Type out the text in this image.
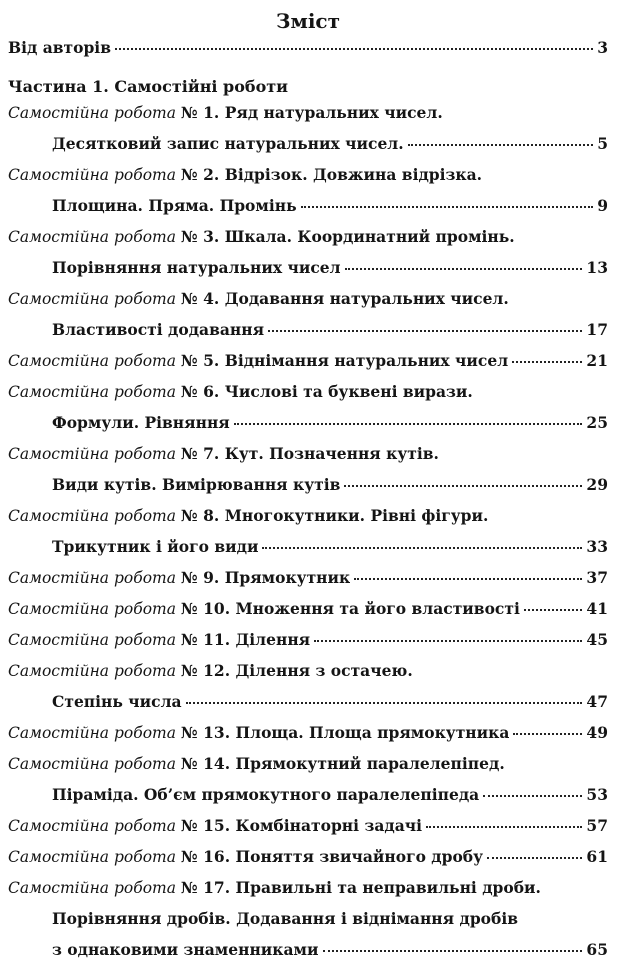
Зміст
Від авторів	3
Частина 1. Самостійні роботи
Самостійна робота № 1. Ряд натуральних чисел.
Десятковий запис натуральних чисел.	5
Самостійна робота № 2. Відрізок. Довжина відрізка.
Площина. Пряма. Промінь	9
Самостійна робота № 3. Шкала. Координатний промінь.
Порівняння натуральних чисел	13
Самостійна робота № 4. Додавання натуральних чисел.
Властивості додавання	17
Самостійна робота № 5. Віднімання натуральних чисел	21
Самостійна робота № 6. Числові та буквені вирази.
Формули. Рівняння	25
Самостійна робота № 7. Кут. Позначення кутів.
Види кутів. Вимірювання кутів	29
Самостійна робота № 8. Многокутники. Рівні фігури.
Трикутник і його види	33
Самостійна робота № 9. Прямокутник	37
Самостійна робота № 10. Множення та його властивості	41
Самостійна робота № 11. Ділення	45
Самостійна робота № 12. Ділення з остачею.
Степінь числа	47
Самостійна робота № 13. Площа. Площа прямокутника	49
Самостійна робота № 14. Прямокутний паралелепіпед.
Піраміда. Об’єм прямокутного паралелепіпеда	53
Самостійна робота № 15. Комбінаторні задачі	57
Самостійна робота № 16. Поняття звичайного дробу	61
Самостійна робота № 17. Правильні та неправильні дроби.
Порівняння дробів. Додавання і віднімання дробів
з однаковими знаменниками	65
